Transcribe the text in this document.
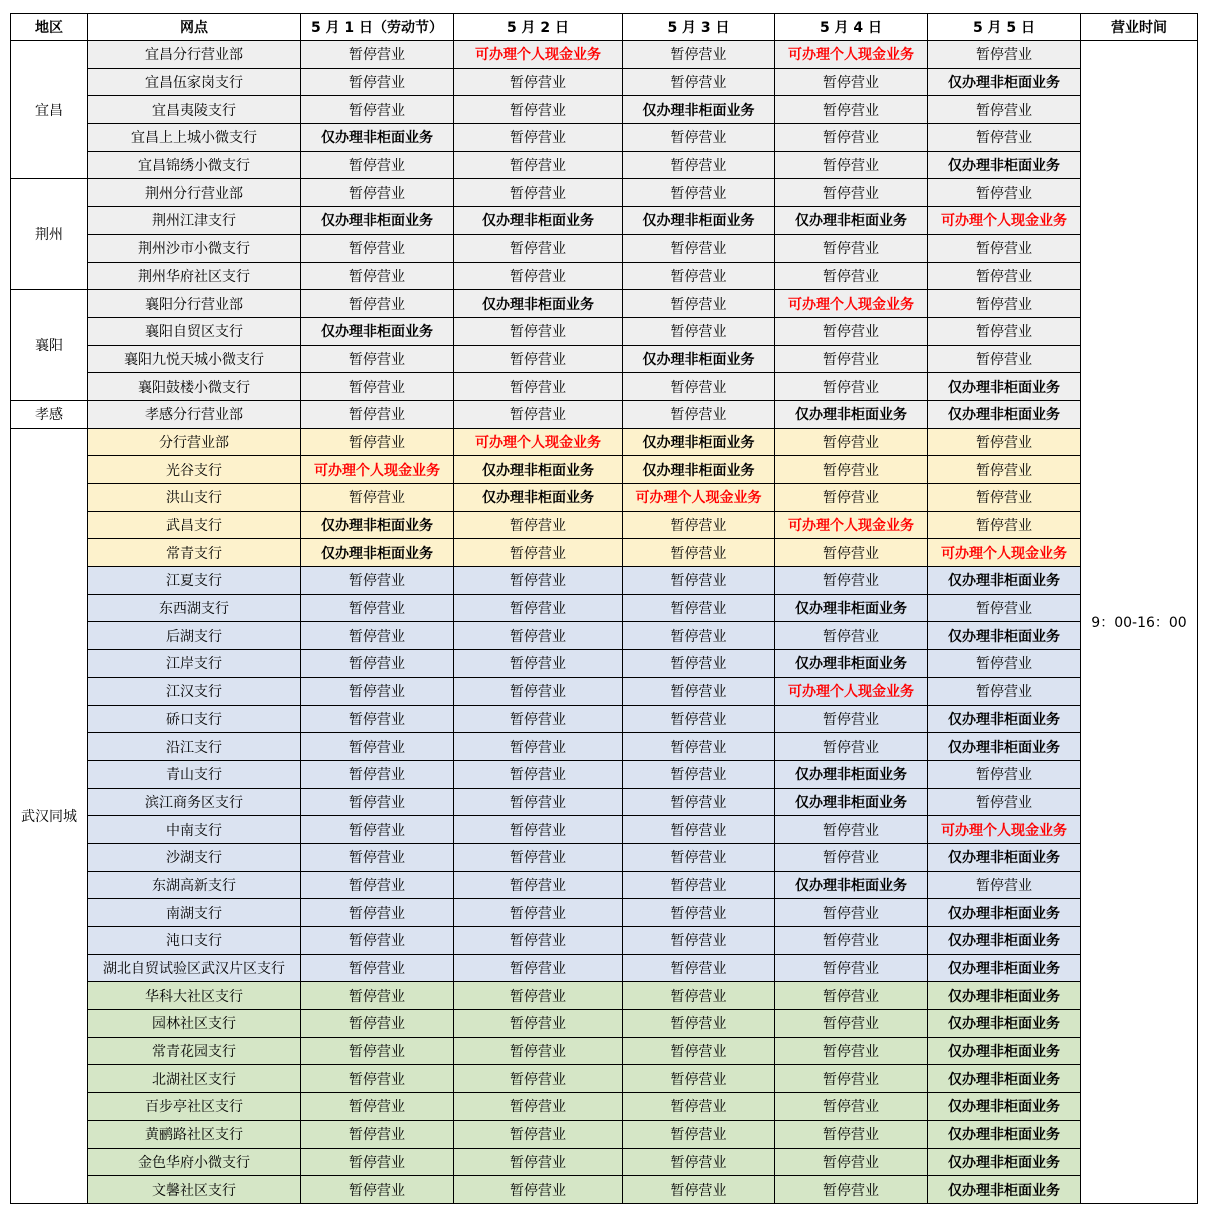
地区	网点	5 月 1 日（劳动节）	5 月 2 日	5 月 3 日	5 月 4 日	5 月 5 日	营业时间
宜昌	宜昌分行营业部	暂停营业	可办理个人现金业务	暂停营业	可办理个人现金业务	暂停营业	9：00-16：00
	宜昌伍家岗支行	暂停营业	暂停营业	暂停营业	暂停营业	仅办理非柜面业务	
	宜昌夷陵支行	暂停营业	暂停营业	仅办理非柜面业务	暂停营业	暂停营业	
	宜昌上上城小微支行	仅办理非柜面业务	暂停营业	暂停营业	暂停营业	暂停营业	
	宜昌锦绣小微支行	暂停营业	暂停营业	暂停营业	暂停营业	仅办理非柜面业务	
荆州	荆州分行营业部	暂停营业	暂停营业	暂停营业	暂停营业	暂停营业	
	荆州江津支行	仅办理非柜面业务	仅办理非柜面业务	仅办理非柜面业务	仅办理非柜面业务	可办理个人现金业务	
	荆州沙市小微支行	暂停营业	暂停营业	暂停营业	暂停营业	暂停营业	
	荆州华府社区支行	暂停营业	暂停营业	暂停营业	暂停营业	暂停营业	
襄阳	襄阳分行营业部	暂停营业	仅办理非柜面业务	暂停营业	可办理个人现金业务	暂停营业	
	襄阳自贸区支行	仅办理非柜面业务	暂停营业	暂停营业	暂停营业	暂停营业	
	襄阳九悦天城小微支行	暂停营业	暂停营业	仅办理非柜面业务	暂停营业	暂停营业	
	襄阳鼓楼小微支行	暂停营业	暂停营业	暂停营业	暂停营业	仅办理非柜面业务	
孝感	孝感分行营业部	暂停营业	暂停营业	暂停营业	仅办理非柜面业务	仅办理非柜面业务	
武汉同城	分行营业部	暂停营业	可办理个人现金业务	仅办理非柜面业务	暂停营业	暂停营业	
	光谷支行	可办理个人现金业务	仅办理非柜面业务	仅办理非柜面业务	暂停营业	暂停营业	
	洪山支行	暂停营业	仅办理非柜面业务	可办理个人现金业务	暂停营业	暂停营业	
	武昌支行	仅办理非柜面业务	暂停营业	暂停营业	可办理个人现金业务	暂停营业	
	常青支行	仅办理非柜面业务	暂停营业	暂停营业	暂停营业	可办理个人现金业务	
	江夏支行	暂停营业	暂停营业	暂停营业	暂停营业	仅办理非柜面业务	
	东西湖支行	暂停营业	暂停营业	暂停营业	仅办理非柜面业务	暂停营业	
	后湖支行	暂停营业	暂停营业	暂停营业	暂停营业	仅办理非柜面业务	
	江岸支行	暂停营业	暂停营业	暂停营业	仅办理非柜面业务	暂停营业	
	江汉支行	暂停营业	暂停营业	暂停营业	可办理个人现金业务	暂停营业	
	硚口支行	暂停营业	暂停营业	暂停营业	暂停营业	仅办理非柜面业务	
	沿江支行	暂停营业	暂停营业	暂停营业	暂停营业	仅办理非柜面业务	
	青山支行	暂停营业	暂停营业	暂停营业	仅办理非柜面业务	暂停营业	
	滨江商务区支行	暂停营业	暂停营业	暂停营业	仅办理非柜面业务	暂停营业	
	中南支行	暂停营业	暂停营业	暂停营业	暂停营业	可办理个人现金业务	
	沙湖支行	暂停营业	暂停营业	暂停营业	暂停营业	仅办理非柜面业务	
	东湖高新支行	暂停营业	暂停营业	暂停营业	仅办理非柜面业务	暂停营业	
	南湖支行	暂停营业	暂停营业	暂停营业	暂停营业	仅办理非柜面业务	
	沌口支行	暂停营业	暂停营业	暂停营业	暂停营业	仅办理非柜面业务	
	湖北自贸试验区武汉片区支行	暂停营业	暂停营业	暂停营业	暂停营业	仅办理非柜面业务	
	华科大社区支行	暂停营业	暂停营业	暂停营业	暂停营业	仅办理非柜面业务	
	园林社区支行	暂停营业	暂停营业	暂停营业	暂停营业	仅办理非柜面业务	
	常青花园支行	暂停营业	暂停营业	暂停营业	暂停营业	仅办理非柜面业务	
	北湖社区支行	暂停营业	暂停营业	暂停营业	暂停营业	仅办理非柜面业务	
	百步亭社区支行	暂停营业	暂停营业	暂停营业	暂停营业	仅办理非柜面业务	
	黄鹂路社区支行	暂停营业	暂停营业	暂停营业	暂停营业	仅办理非柜面业务	
	金色华府小微支行	暂停营业	暂停营业	暂停营业	暂停营业	仅办理非柜面业务	
	文馨社区支行	暂停营业	暂停营业	暂停营业	暂停营业	仅办理非柜面业务	
